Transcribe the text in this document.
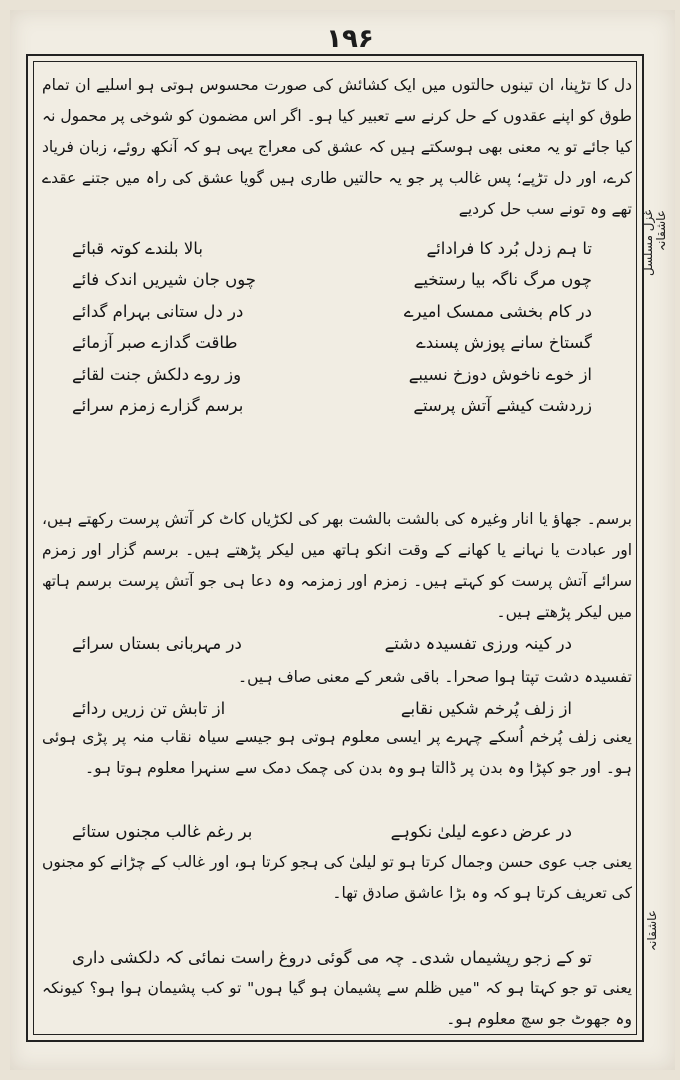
۱۹۶
غزل مسلسل عاشقانہ
عاشقانہ

دل کا تڑپنا، ان تینوں حالتوں میں ایک کشائش کی صورت محسوس ہوتی ہو اسلیے ان تمام طوق کو اپنے عقدوں کے حل کرنے سے تعبیر کیا ہو۔ اگر اس مضمون کو شوخی پر محمول نہ کیا جائے تو یہ معنی بھی ہوسکتے ہیں کہ عشق کی معراج یہی ہو کہ آنکھ روئے، زبان فریاد کرے، اور دل تڑپے؛ پس غالب پر جو یہ حالتیں طاری ہیں گویا عشق کی راہ میں جتنے عقدے تھے وہ تونے سب حل کردیے

تا ہم زدل بُرد کا فرادائے
بالا بلندے کوتہ قبائے
چوں مرگ ناگہ بیا رستخیے
چوں جان شیریں اندک فائے
در کام بخشی ممسک امیرے
در دل ستانی بہرام گدائے
گستاخ سانے پوزش پسندے
طاقت گدازے صبر آزمائے
از خوے ناخوش دوزخ نسیبے
وز روے دلکش جنت لقائے
زردشت کیشے آتش پرستے
برسم گزارے زمزم سرائے

برسم۔ جھاؤ یا انار وغیرہ کی بالشت بالشت بھر کی لکڑیاں کاٹ کر آتش پرست رکھتے ہیں، اور عبادت یا نہانے یا کھانے کے وقت انکو ہاتھ میں لیکر پڑھتے ہیں۔ برسم گزار اور زمزم سرائے آتش پرست کو کہتے ہیں۔ زمزم اور زمزمہ وہ دعا ہی جو آتش پرست برسم ہاتھ میں لیکر پڑھتے ہیں۔

در کینہ ورزی تفسیدہ دشتے
در مہربانی بستاں سرائے

تفسیدہ دشت تپتا ہوا صحرا۔ باقی شعر کے معنی صاف ہیں۔

از زلف پُرخم شکیں نقابے
از تابش تن زریں ردائے

یعنی زلف پُرخم اُسکے چہرے پر ایسی معلوم ہوتی ہو جیسے سیاہ نقاب منہ پر پڑی ہوئی ہو۔ اور جو کپڑا وہ بدن پر ڈالتا ہو وہ بدن کی چمک دمک سے سنہرا معلوم ہوتا ہو۔

در عرض دعوے لیلیٰ نکوہے
بر رغم غالب مجنوں ستائے

یعنی جب عوی حسن وجمال کرتا ہو تو لیلیٰ کی ہجو کرتا ہو، اور غالب کے چڑانے کو مجنوں کی تعریف کرتا ہو کہ وہ بڑا عاشق صادق تھا۔

تو کے زجو رپشیماں شدی۔ چہ می گوئی
دروغ راست نمائی کہ دلکشی داری

یعنی تو جو کہتا ہو کہ "میں ظلم سے پشیمان ہو گیا ہوں" تو کب پشیمان ہوا ہو؟ کیونکہ وہ جھوٹ جو سچ معلوم ہو۔
